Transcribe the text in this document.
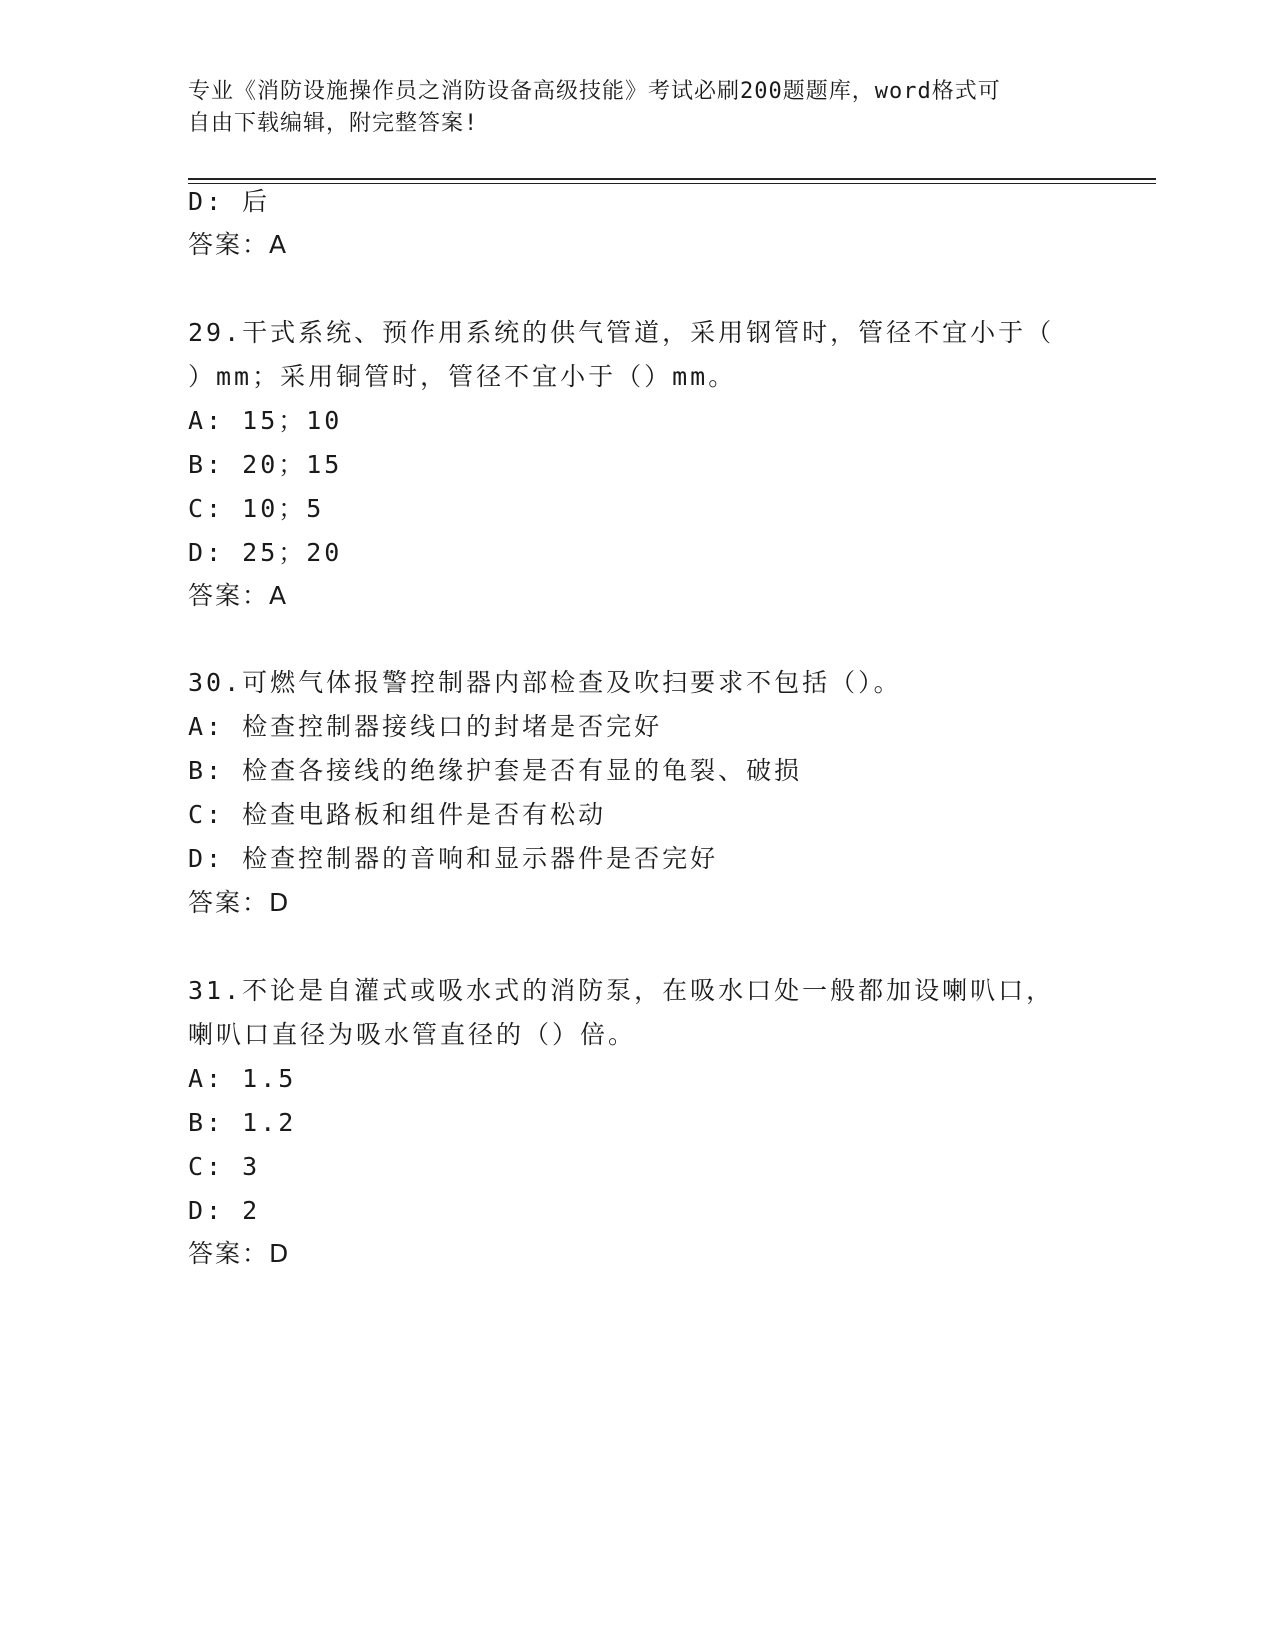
专业《消防设施操作员之消防设备高级技能》考试必刷200题题库，word格式可
自由下载编辑，附完整答案!
D: 后
答案：A
29.干式系统、预作用系统的供气管道，采用钢管时，管径不宜小于（
）mm；采用铜管时，管径不宜小于（）mm。
A: 15；10
B: 20；15
C: 10；5
D: 25；20
答案：A
30.可燃气体报警控制器内部检查及吹扫要求不包括（）。
A: 检查控制器接线口的封堵是否完好
B: 检查各接线的绝缘护套是否有显的龟裂、破损
C: 检查电路板和组件是否有松动
D: 检查控制器的音响和显示器件是否完好
答案：D
31.不论是自灌式或吸水式的消防泵，在吸水口处一般都加设喇叭口，
喇叭口直径为吸水管直径的（）倍。
A: 1.5
B: 1.2
C: 3
D: 2
答案：D
